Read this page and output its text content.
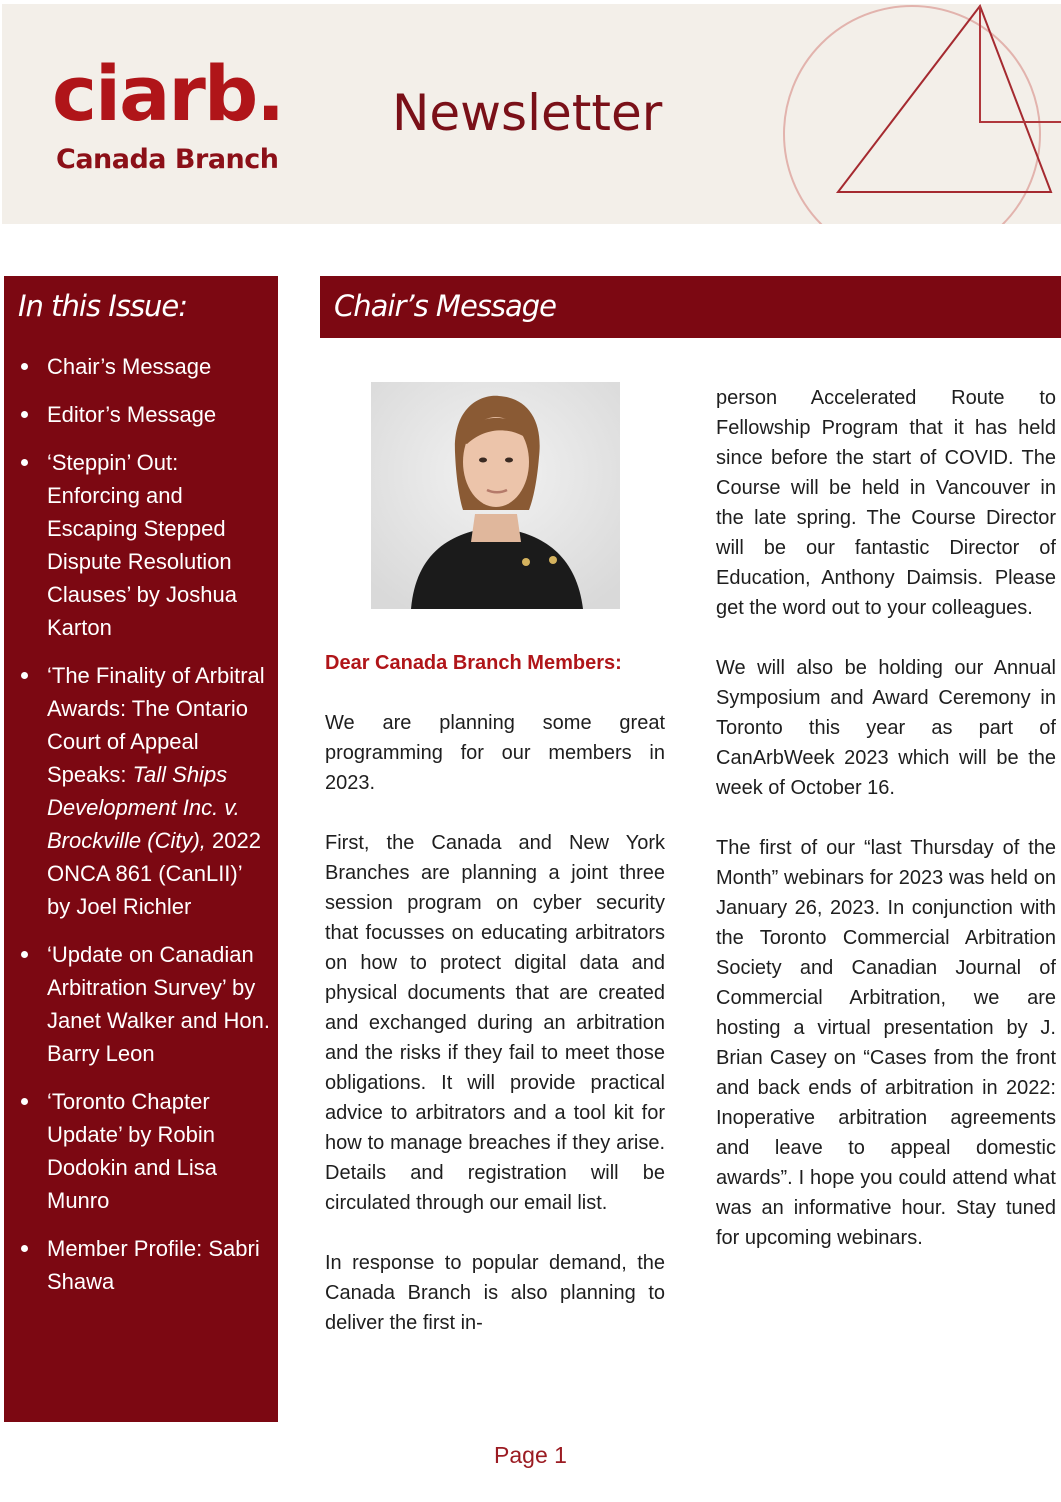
ciarb.
Canada Branch
Newsletter
In this Issue:
Chair’s Message
Editor’s Message
‘Steppin’ Out: Enforcing and Escaping Stepped Dispute Resolution Clauses’ by Joshua Karton
‘The Finality of Arbitral Awards: The Ontario Court of Appeal Speaks: Tall Ships Development Inc. v. Brockville (City), 2022 ONCA 861 (CanLII)’ by Joel Richler
‘Update on Canadian Arbitration Survey’ by Janet Walker and Hon. Barry Leon
‘Toronto Chapter Update’ by Robin Dodokin and Lisa Munro
Member Profile: Sabri Shawa
Chair’s Message

Dear Canada Branch Members:

We are planning some great programming for our members in 2023.

First, the Canada and New York Branches are planning a joint three session program on cyber security that focusses on educating arbitrators on how to protect digital data and physical documents that are created and exchanged during an arbitration and the risks if they fail to meet those obligations. It will provide practical advice to arbitrators and a tool kit for how to manage breaches if they arise. Details and registration will be circulated through our email list.

In response to popular demand, the Canada Branch is also planning to deliver the first in-

person Accelerated Route to Fellowship Program that it has held since before the start of COVID. The Course will be held in Vancouver in the late spring. The Course Director will be our fantastic Director of Education, Anthony Daimsis. Please get the word out to your colleagues.

We will also be holding our Annual Symposium and Award Ceremony in Toronto this year as part of CanArbWeek 2023 which will be the week of October 16.

The first of our “last Thursday of the Month” webinars for 2023 was held on January 26, 2023. In conjunction with the Toronto Commercial Arbitration Society and Canadian Journal of Commercial Arbitration, we are hosting a virtual presentation by J. Brian Casey on “Cases from the front and back ends of arbitration in 2022: Inoperative arbitration agreements and leave to appeal domestic awards”. I hope you could attend what was an informative hour. Stay tuned for upcoming webinars.

Page 1
